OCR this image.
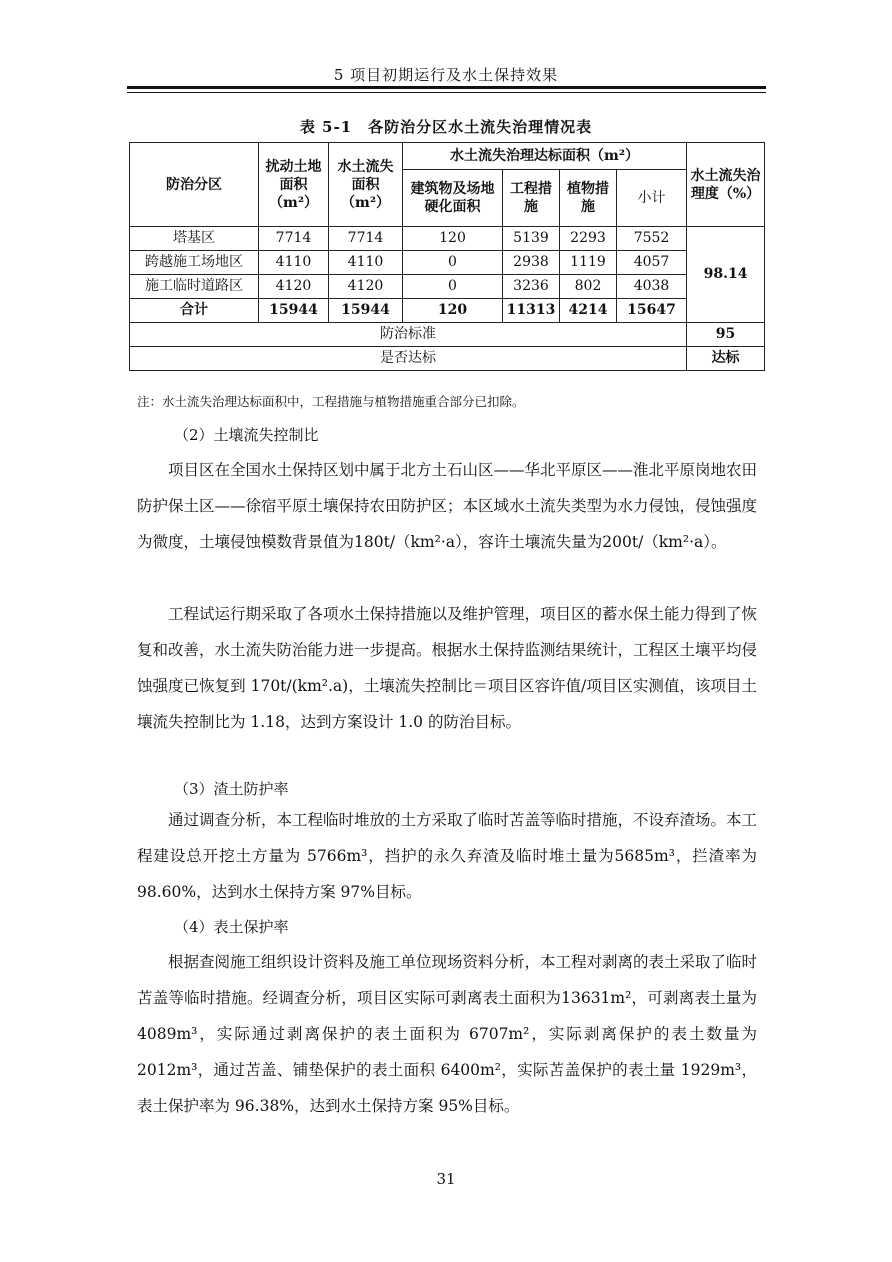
5 项目初期运行及水土保持效果
表 5-1　各防治分区水土流失治理情况表
防治分区	扰动土地面积（m²）	水土流失面积（m²）	水土流失治理达标面积（m²）				水土流失治理度（%）
			建筑物及场地硬化面积	工程措施	植物措施	小计	
塔基区	7714	7714	120	5139	2293	7552	98.14
跨越施工场地区	4110	4110	0	2938	1119	4057	
施工临时道路区	4120	4120	0	3236	802	4038	
合计	15944	15944	120	11313	4214	15647	
防治标准							95
是否达标							达标
注：水土流失治理达标面积中，工程措施与植物措施重合部分已扣除。
（2）土壤流失控制比

项目区在全国水土保持区划中属于北方土石山区——华北平原区——淮北平原岗地农田防护保土区——徐宿平原土壤保持农田防护区；本区域水土流失类型为水力侵蚀，侵蚀强度为微度，土壤侵蚀模数背景值为180t/（km²·a），容许土壤流失量为200t/（km²·a）。

工程试运行期采取了各项水土保持措施以及维护管理，项目区的蓄水保土能力得到了恢复和改善，水土流失防治能力进一步提高。根据水土保持监测结果统计，工程区土壤平均侵蚀强度已恢复到 170t/(km².a)，土壤流失控制比＝项目区容许值/项目区实测值，该项目土壤流失控制比为 1.18，达到方案设计 1.0 的防治目标。

（3）渣土防护率

通过调查分析，本工程临时堆放的土方采取了临时苫盖等临时措施，不设弃渣场。本工程建设总开挖土方量为 5766m³，挡护的永久弃渣及临时堆土量为5685m³，拦渣率为 98.60%，达到水土保持方案 97%目标。

（4）表土保护率

根据查阅施工组织设计资料及施工单位现场资料分析，本工程对剥离的表土采取了临时苫盖等临时措施。经调查分析，项目区实际可剥离表土面积为13631m²，可剥离表土量为 4089m³，实际通过剥离保护的表土面积为 6707m²，实际剥离保护的表土数量为 2012m³，通过苫盖、铺垫保护的表土面积 6400m²，实际苫盖保护的表土量 1929m³，表土保护率为 96.38%，达到水土保持方案 95%目标。

31
